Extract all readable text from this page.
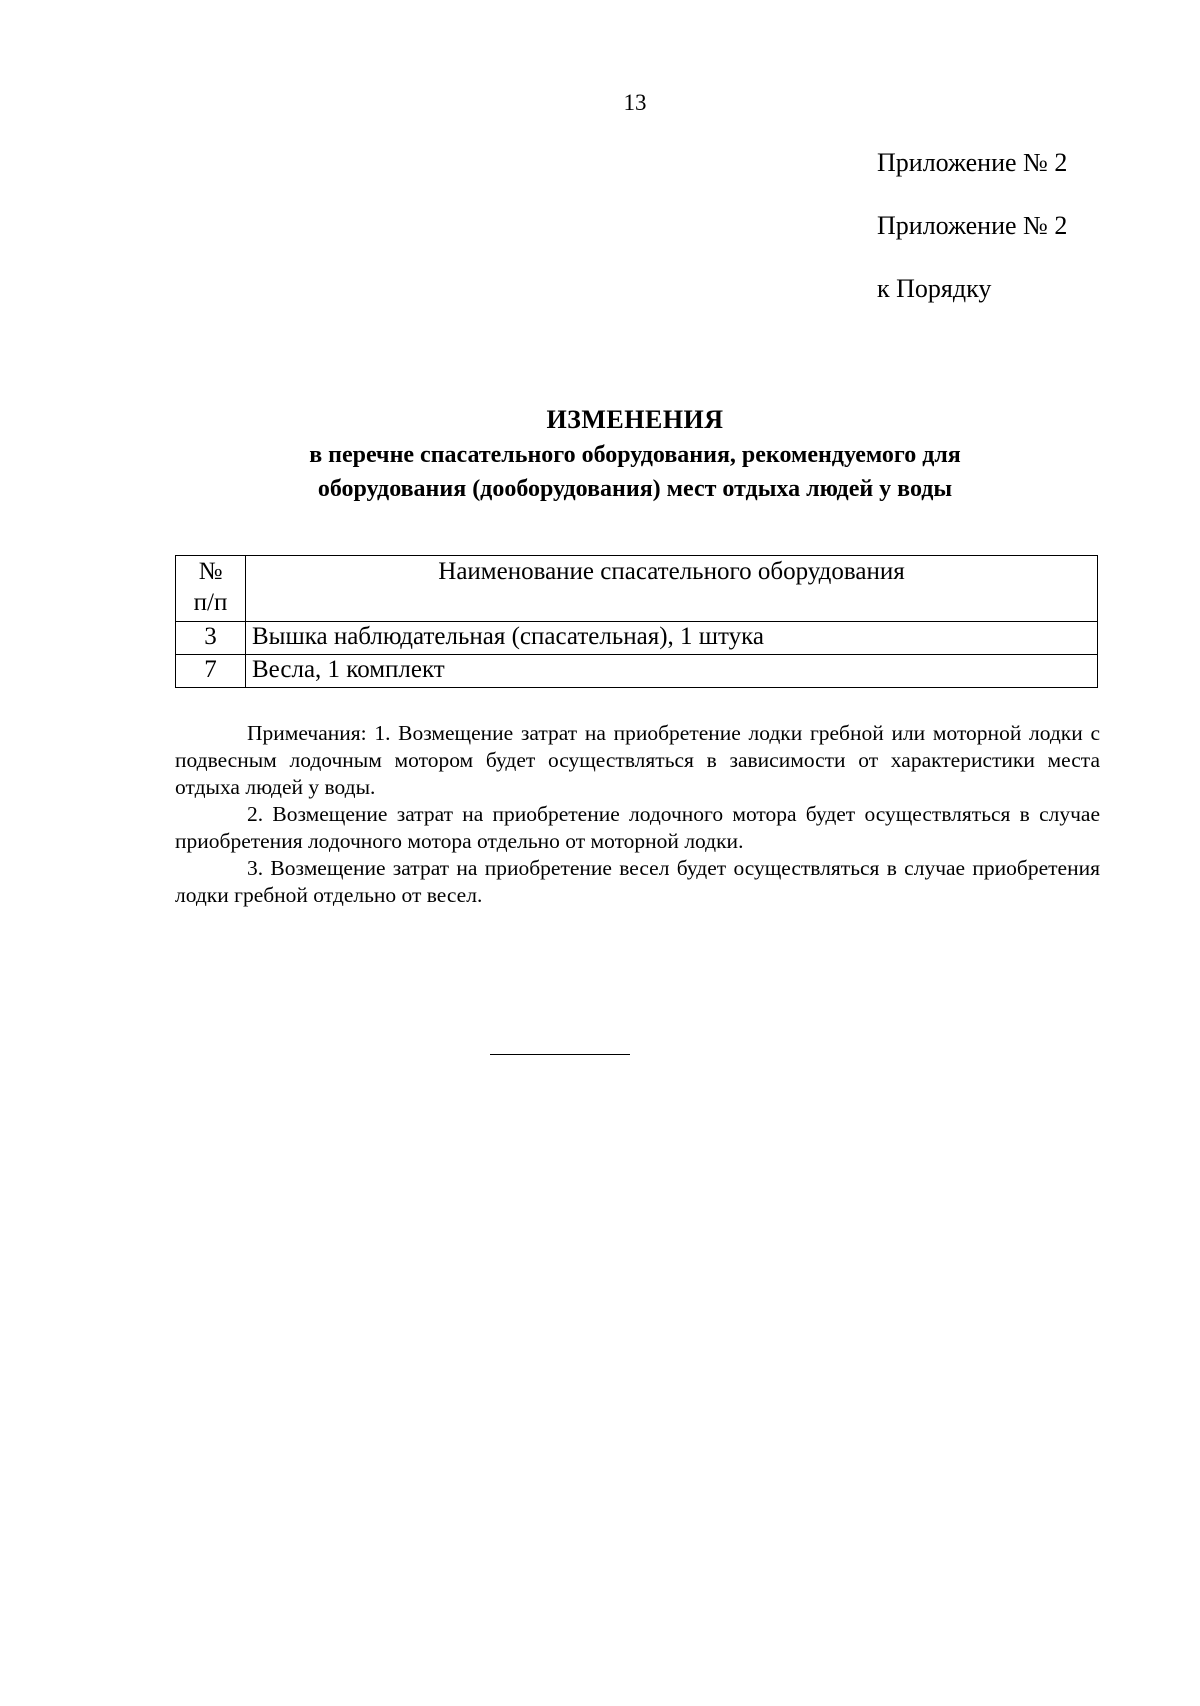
13
Приложение № 2
Приложение № 2
к Порядку
ИЗМЕНЕНИЯ
в перечне спасательного оборудования, рекомендуемого для
оборудования (дооборудования) мест отдыха людей у воды
№
п/п	Наименование спасательного оборудования
3	Вышка наблюдательная (спасательная), 1 штука
7	Весла, 1 комплект

Примечания: 1. Возмещение затрат на приобретение лодки гребной или моторной лодки с подвесным лодочным мотором будет осуществляться в зависимости от характеристики места отдыха людей у воды.

2. Возмещение затрат на приобретение лодочного мотора будет осуществляться в случае приобретения лодочного мотора отдельно от моторной лодки.

3. Возмещение затрат на приобретение весел будет осуществляться в случае приобретения лодки гребной отдельно от весел.
